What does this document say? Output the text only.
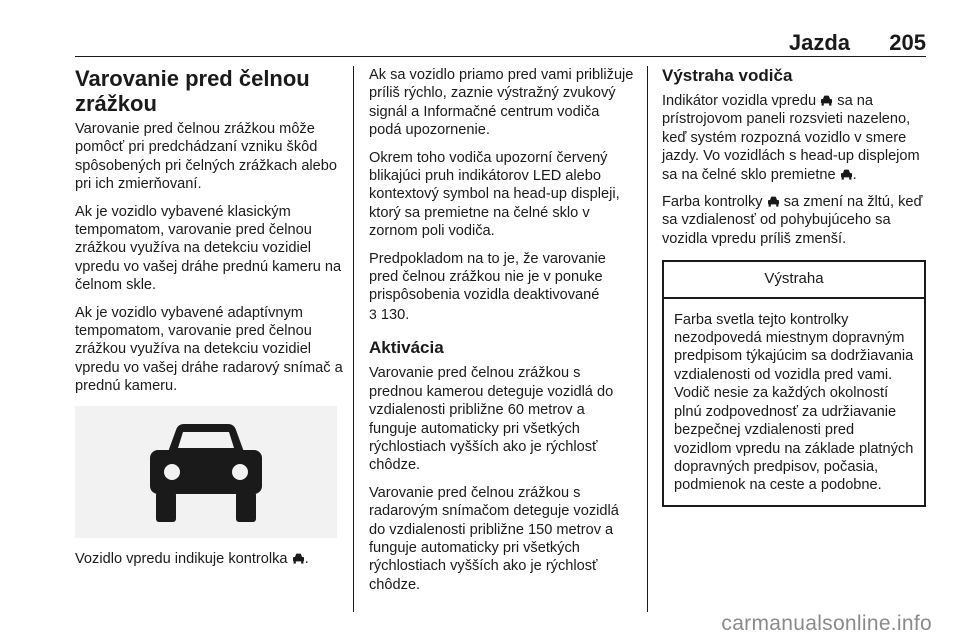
Jazda 205
Varovanie pred čelnou zrážkou

Varovanie pred čelnou zrážkou môže pomôcť pri predchádzaní vzniku škôd spôsobených pri čelných zrážkach alebo pri ich zmierňovaní.

Ak je vozidlo vybavené klasickým tempomatom, varovanie pred čelnou zrážkou využíva na detekciu vozidiel vpredu vo vašej dráhe prednú kameru na čelnom skle.

Ak je vozidlo vybavené adaptívnym tempomatom, varovanie pred čelnou zrážkou využíva na detekciu vozidiel vpredu vo vašej dráhe radarový snímač a prednú kameru.

Vozidlo vpredu indikuje kontrolka .

Ak sa vozidlo priamo pred vami približuje príliš rýchlo, zaznie výstražný zvukový signál a Informačné centrum vodiča podá upozornenie.

Okrem toho vodiča upozorní červený blikajúci pruh indikátorov LED alebo kontextový symbol na head-up displeji, ktorý sa premietne na čelné sklo v zornom poli vodiča.

Predpokladom na to je, že varovanie pred čelnou zrážkou nie je v ponuke prispôsobenia vozidla deaktivované
3 130.

Aktivácia

Varovanie pred čelnou zrážkou s prednou kamerou deteguje vozidlá do vzdialenosti približne 60 metrov a funguje automaticky pri všetkých rýchlostiach vyšších ako je rýchlosť chôdze.

Varovanie pred čelnou zrážkou s radarovým snímačom deteguje vozidlá do vzdialenosti približne 150 metrov a funguje automaticky pri všetkých rýchlostiach vyšších ako je rýchlosť chôdze.

Výstraha vodiča

Indikátor vozidla vpredu sa na prístrojovom paneli rozsvieti nazeleno, keď systém rozpozná vozidlo v smere jazdy. Vo vozidlách s head-up displejom sa na čelné sklo premietne .

Farba kontrolky sa zmení na žltú, keď sa vzdialenosť od pohybujúceho sa vozidla vpredu príliš zmenší.

Výstraha
Farba svetla tejto kontrolky nezodpovedá miestnym dopravným predpisom týkajúcim sa dodržiavania vzdialenosti od vozidla pred vami. Vodič nesie za každých okolností plnú zodpovednosť za udržiavanie bezpečnej vzdialenosti pred vozidlom vpredu na základe platných dopravných predpisov, počasia, podmienok na ceste a podobne.
carmanualsonline.info
